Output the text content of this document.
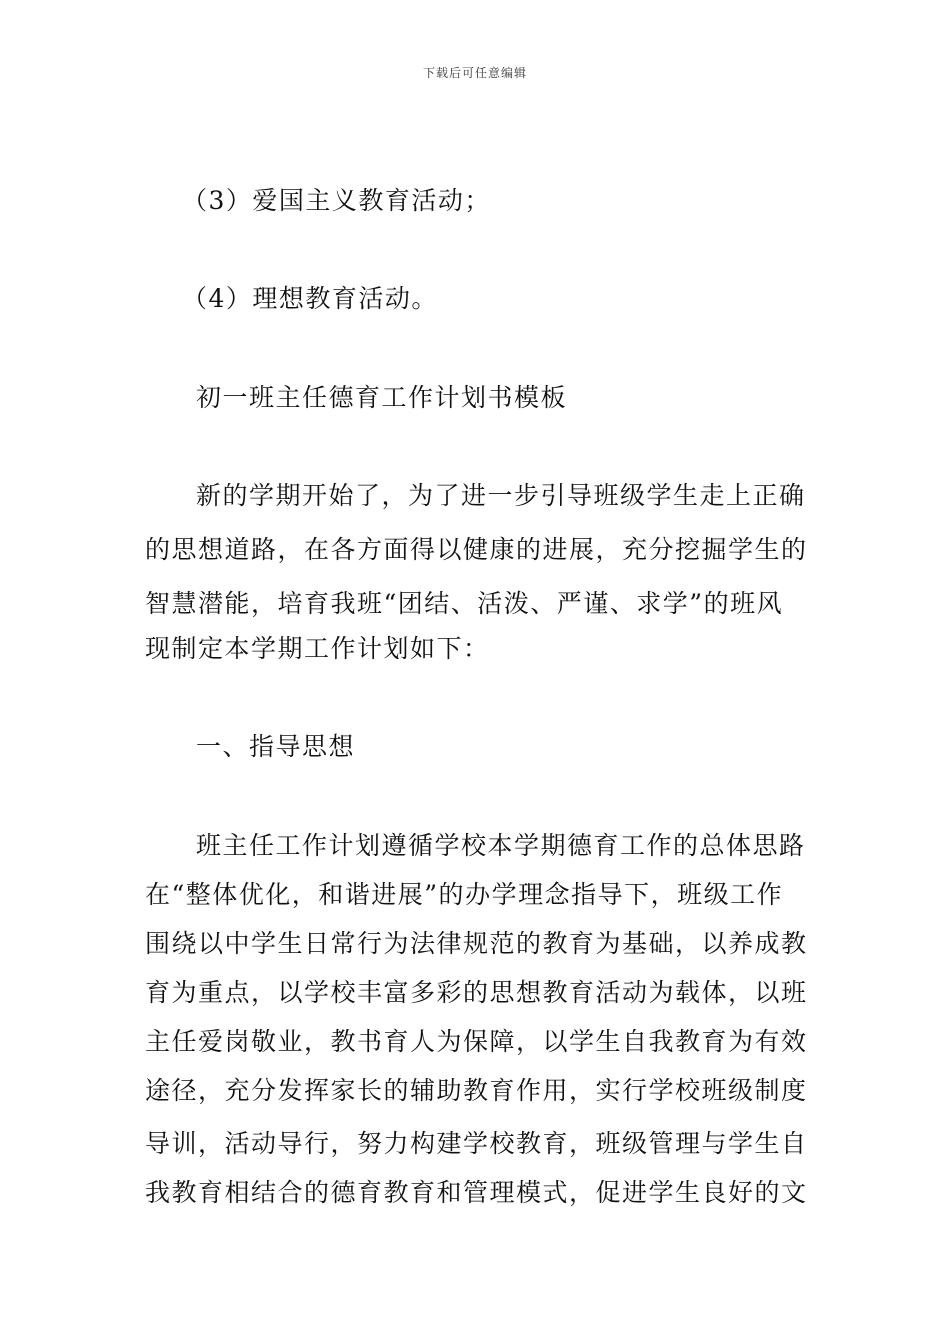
下载后可任意编辑
（3）爱国主义教育活动；
（4）理想教育活动。
初一班主任德育工作计划书模板
新的学期开始了，为了进一步引导班级学生走上正确
的思想道路，在各方面得以健康的进展，充分挖掘学生的
智慧潜能，培育我班“团结、活泼、严谨、求学”的班风
现制定本学期工作计划如下：
一、指导思想
班主任工作计划遵循学校本学期德育工作的总体思路
在“整体优化，和谐进展”的办学理念指导下，班级工作
围绕以中学生日常行为法律规范的教育为基础，以养成教
育为重点，以学校丰富多彩的思想教育活动为载体，以班
主任爱岗敬业，教书育人为保障，以学生自我教育为有效
途径，充分发挥家长的辅助教育作用，实行学校班级制度
导训，活动导行，努力构建学校教育，班级管理与学生自
我教育相结合的德育教育和管理模式，促进学生良好的文
